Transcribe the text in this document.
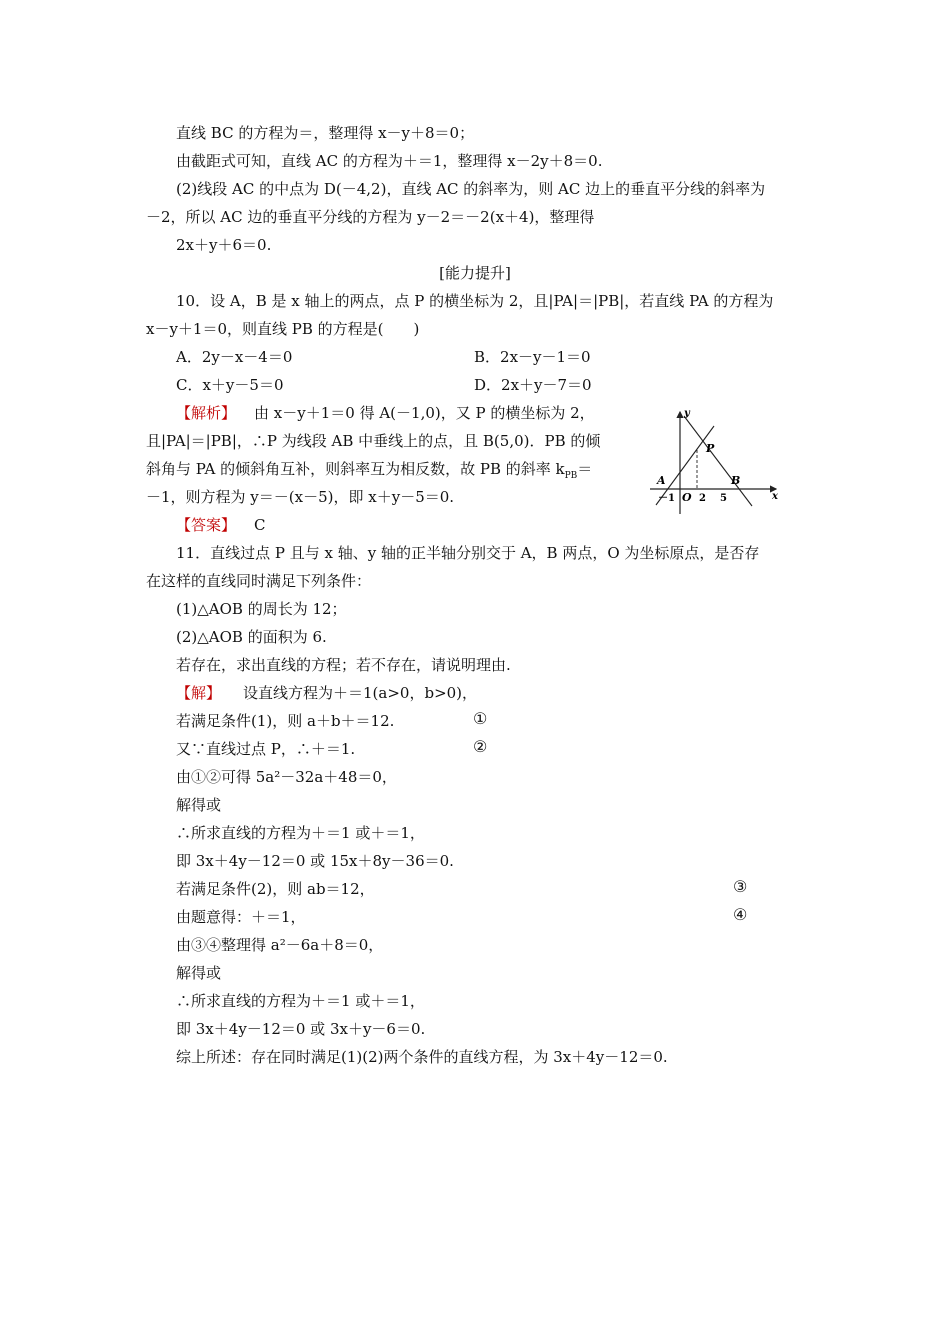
直线 BC 的方程为＝，整理得 x－y＋8＝0；
由截距式可知，直线 AC 的方程为＋＝1，整理得 x－2y＋8＝0.
(2)线段 AC 的中点为 D(－4,2)，直线 AC 的斜率为，则 AC 边上的垂直平分线的斜率为
－2，所以 AC 边的垂直平分线的方程为 y－2＝－2(x＋4)，整理得
2x＋y＋6＝0.
[能力提升]
10．设 A，B 是 x 轴上的两点，点 P 的横坐标为 2，且|PA|＝|PB|，若直线 PA 的方程为
x－y＋1＝0，则直线 PB 的方程是(　　)
A．2y－x－4＝0	B．2x－y－1＝0
C．x＋y－5＝0	D．2x＋y－7＝0
【解析】 由 x－y＋1＝0 得 A(－1,0)，又 P 的横坐标为 2，
且|PA|＝|PB|，∴P 为线段 AB 中垂线上的点，且 B(5,0)．PB 的倾
斜角与 PA 的倾斜角互补，则斜率互为相反数，故 PB 的斜率 $k_{PB}=$
－1，则方程为 y＝－(x－5)，即 x＋y－5＝0.
【答案】 C
y
x
P
A	B
O
－1 2 5
11．直线过点 P 且与 x 轴、y 轴的正半轴分别交于 A，B 两点，O 为坐标原点，是否存
在这样的直线同时满足下列条件：
(1)△AOB 的周长为 12；
(2)△AOB 的面积为 6.
若存在，求出直线的方程；若不存在，请说明理由.
【解】 设直线方程为＋＝1(a>0，b>0)，
若满足条件(1)，则 a＋b＋＝12.	①
又∵直线过点 P，∴＋＝1.	②
由①②可得 5a²－32a＋48＝0，
解得或
∴所求直线的方程为＋＝1 或＋＝1，
即 3x＋4y－12＝0 或 15x＋8y－36＝0.
若满足条件(2)，则 ab＝12，	③
由题意得：＋＝1，	④
由③④整理得 a²－6a＋8＝0，
解得或
∴所求直线的方程为＋＝1 或＋＝1，
即 3x＋4y－12＝0 或 3x＋y－6＝0.
综上所述：存在同时满足(1)(2)两个条件的直线方程，为 3x＋4y－12＝0.
